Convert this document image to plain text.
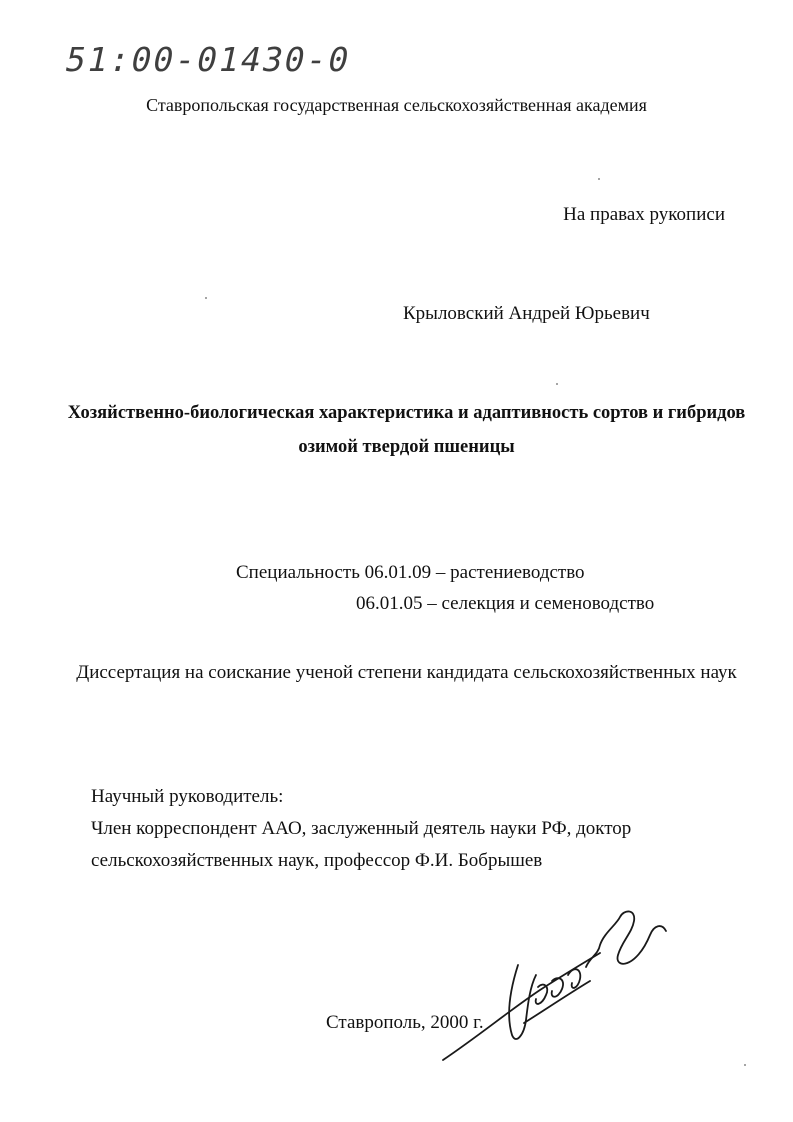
51:00-01430-0
Ставропольская государственная сельскохозяйственная академия
На правах рукописи
Крыловский Андрей Юрьевич
Хозяйственно-биологическая характеристика и адаптивность сортов и гибридов озимой твердой пшеницы
Специальность 06.01.09 – растениеводство
06.01.05 – селекция и семеноводство
Диссертация на соискание ученой степени кандидата сельскохозяйственных наук
Научный руководитель:
Член корреспондент ААО, заслуженный деятель науки РФ, доктор
сельскохозяйственных наук, профессор Ф.И. Бобрышев
Ставрополь, 2000 г.
